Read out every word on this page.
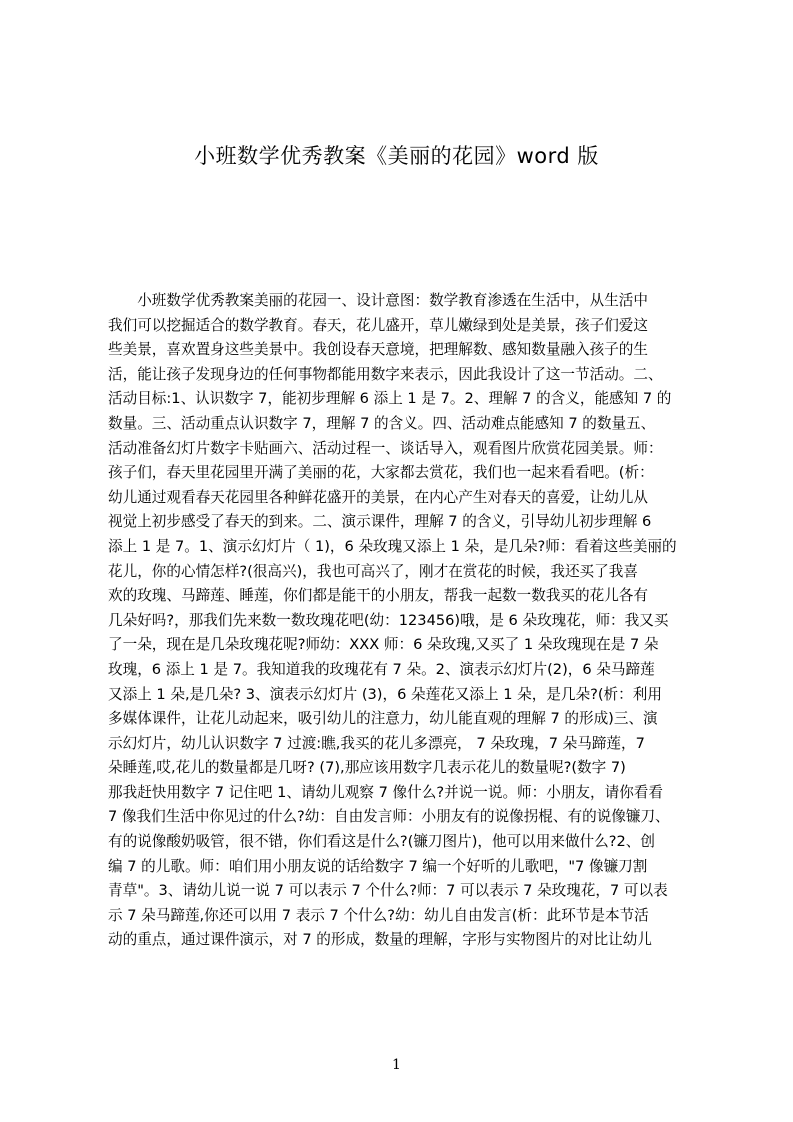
小班数学优秀教案《美丽的花园》word 版
　　小班数学优秀教案美丽的花园一、设计意图：数学教育渗透在生活中，从生活中
我们可以挖掘适合的数学教育。春天，花儿盛开，草儿嫩绿到处是美景，孩子们爱这
些美景，喜欢置身这些美景中。我创设春天意境，把理解数、感知数量融入孩子的生
活，能让孩子发现身边的任何事物都能用数字来表示，因此我设计了这一节活动。二、
活动目标:1、认识数字 7，能初步理解 6 添上 1 是 7。2、理解 7 的含义，能感知 7 的
数量。三、活动重点认识数字 7，理解 7 的含义。四、活动难点能感知 7 的数量五、
活动准备幻灯片数字卡贴画六、活动过程一、谈话导入，观看图片欣赏花园美景。师：
孩子们，春天里花园里开满了美丽的花，大家都去赏花，我们也一起来看看吧。(析：
幼儿通过观看春天花园里各种鲜花盛开的美景，在内心产生对春天的喜爱，让幼儿从
视觉上初步感受了春天的到来。二、演示课件，理解 7 的含义，引导幼儿初步理解 6
添上 1 是 7。1、演示幻灯片（ 1)，6 朵玫瑰又添上 1 朵，是几朵?师：看着这些美丽的
花儿，你的心情怎样?(很高兴)，我也可高兴了，刚才在赏花的时候，我还买了我喜
欢的玫瑰、马蹄莲、睡莲，你们都是能干的小朋友，帮我一起数一数我买的花儿各有
几朵好吗?，那我们先来数一数玫瑰花吧(幼：123456)哦，是 6 朵玫瑰花，师：我又买
了一朵，现在是几朵玫瑰花呢?师幼：XXX 师：6 朵玫瑰,又买了 1 朵玫瑰现在是 7 朵
玫瑰，6 添上 1 是 7。我知道我的玫瑰花有 7 朵。2、演表示幻灯片(2)，6 朵马蹄莲
又添上 1 朵,是几朵? 3、演表示幻灯片 (3)，6 朵莲花又添上 1 朵，是几朵?(析：利用
多媒体课件，让花儿动起来，吸引幼儿的注意力，幼儿能直观的理解 7 的形成)三、演
示幻灯片，幼儿认识数字 7 过渡:瞧,我买的花儿多漂亮， 7 朵玫瑰，7 朵马蹄莲，7
朵睡莲,哎,花儿的数量都是几呀? (7),那应该用数字几表示花儿的数量呢?(数字 7)
那我赶快用数字 7 记住吧 1、请幼儿观察 7 像什么?并说一说。师：小朋友，请你看看
7 像我们生活中你见过的什么?幼：自由发言师：小朋友有的说像拐棍、有的说像镰刀、
有的说像酸奶吸管，很不错，你们看这是什么?(镰刀图片)，他可以用来做什么?2、创
编 7 的儿歌。师：咱们用小朋友说的话给数字 7 编一个好听的儿歌吧，"7 像镰刀割
青草"。3、请幼儿说一说 7 可以表示 7 个什么?师：7 可以表示 7 朵玫瑰花，7 可以表
示 7 朵马蹄莲,你还可以用 7 表示 7 个什么?幼：幼儿自由发言(析：此环节是本节活
动的重点，通过课件演示，对 7 的形成，数量的理解，字形与实物图片的对比让幼儿
1
